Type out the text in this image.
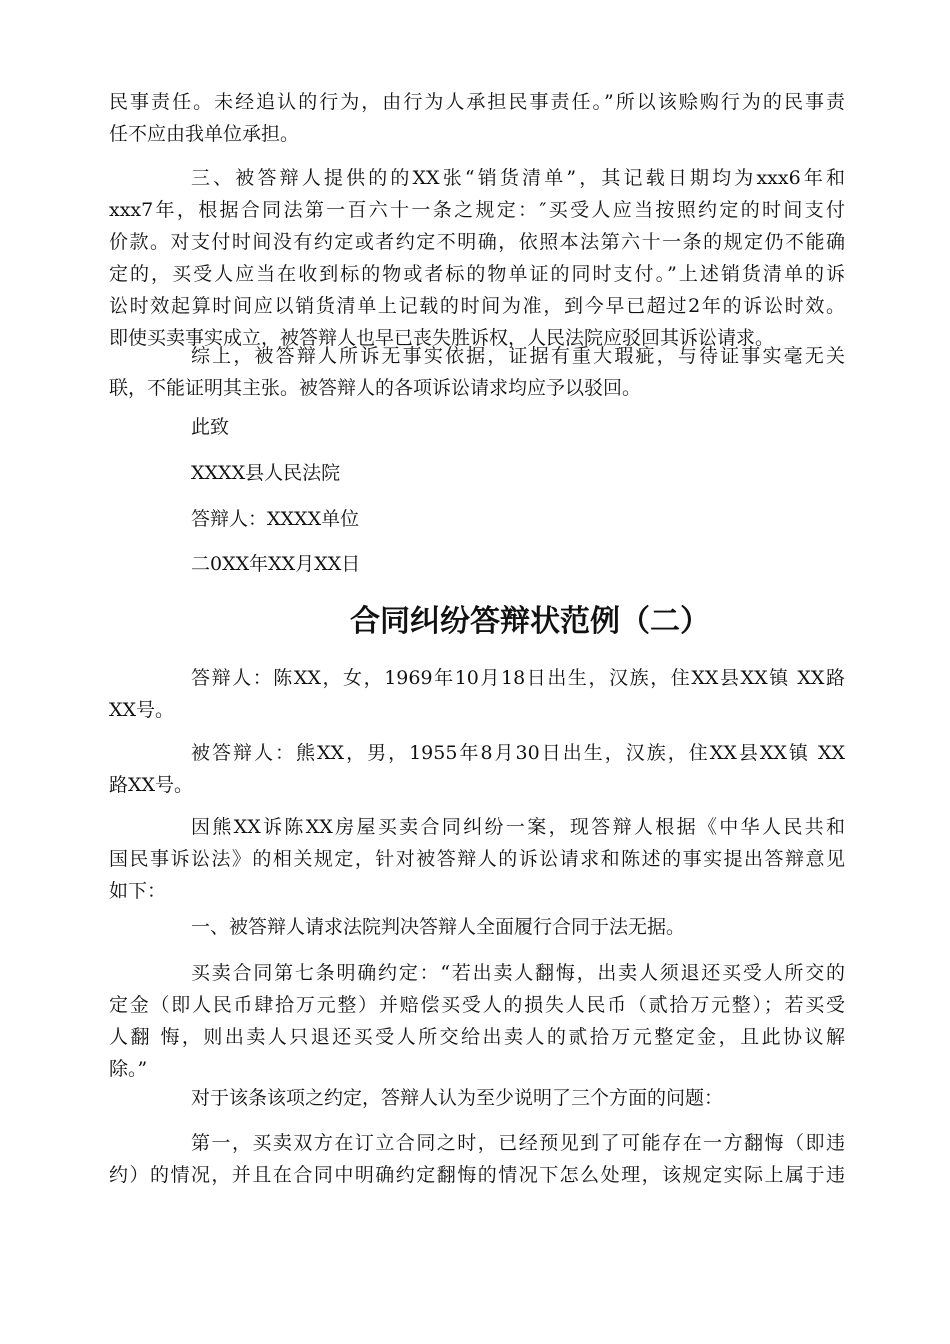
民事责任。未经追认的行为，由行为人承担民事责任。”所以该赊购行为的民事责
任不应由我单位承担。
三、被答辩人提供的的XX张“销货清单”，其记载日期均为xxx6年和
xxx7年，根据合同法第一百六十一条之规定：″买受人应当按照约定的时间支付
价款。对支付时间没有约定或者约定不明确，依照本法第六十一条的规定仍不能确
定的，买受人应当在收到标的物或者标的物单证的同时支付。”上述销货清单的诉
讼时效起算时间应以销货清单上记载的时间为准，到今早已超过2年的诉讼时效。
即使买卖事实成立，被答辩人也早已丧失胜诉权，人民法院应驳回其诉讼请求。
综上，被答辩人所诉无事实依据，证据有重大瑕疵，与待证事实毫无关
联，不能证明其主张。被答辩人的各项诉讼请求均应予以驳回。
此致
XXXX县人民法院
答辩人：XXXX单位
二0XX年XX月XX日
合同纠纷答辩状范例（二）
答辩人：陈XX，女，1969年10月18日出生，汉族，住XX县XX镇 XX路
XX号。
被答辩人：熊XX，男，1955年8月30日出生，汉族，住XX县XX镇 XX
路XX号。
因熊XX诉陈XX房屋买卖合同纠纷一案，现答辩人根据《中华人民共和
国民事诉讼法》的相关规定，针对被答辩人的诉讼请求和陈述的事实提出答辩意见
如下：
一、被答辩人请求法院判决答辩人全面履行合同于法无据。
买卖合同第七条明确约定：“若出卖人翻悔，出卖人须退还买受人所交的
定金（即人民币肆拾万元整）并赔偿买受人的损失人民币（贰拾万元整）；若买受
人翻 悔，则出卖人只退还买受人所交给出卖人的贰拾万元整定金，且此协议解
除。”
对于该条该项之约定，答辩人认为至少说明了三个方面的问题：
第一，买卖双方在订立合同之时，已经预见到了可能存在一方翻悔（即违
约）的情况，并且在合同中明确约定翻悔的情况下怎么处理，该规定实际上属于违
